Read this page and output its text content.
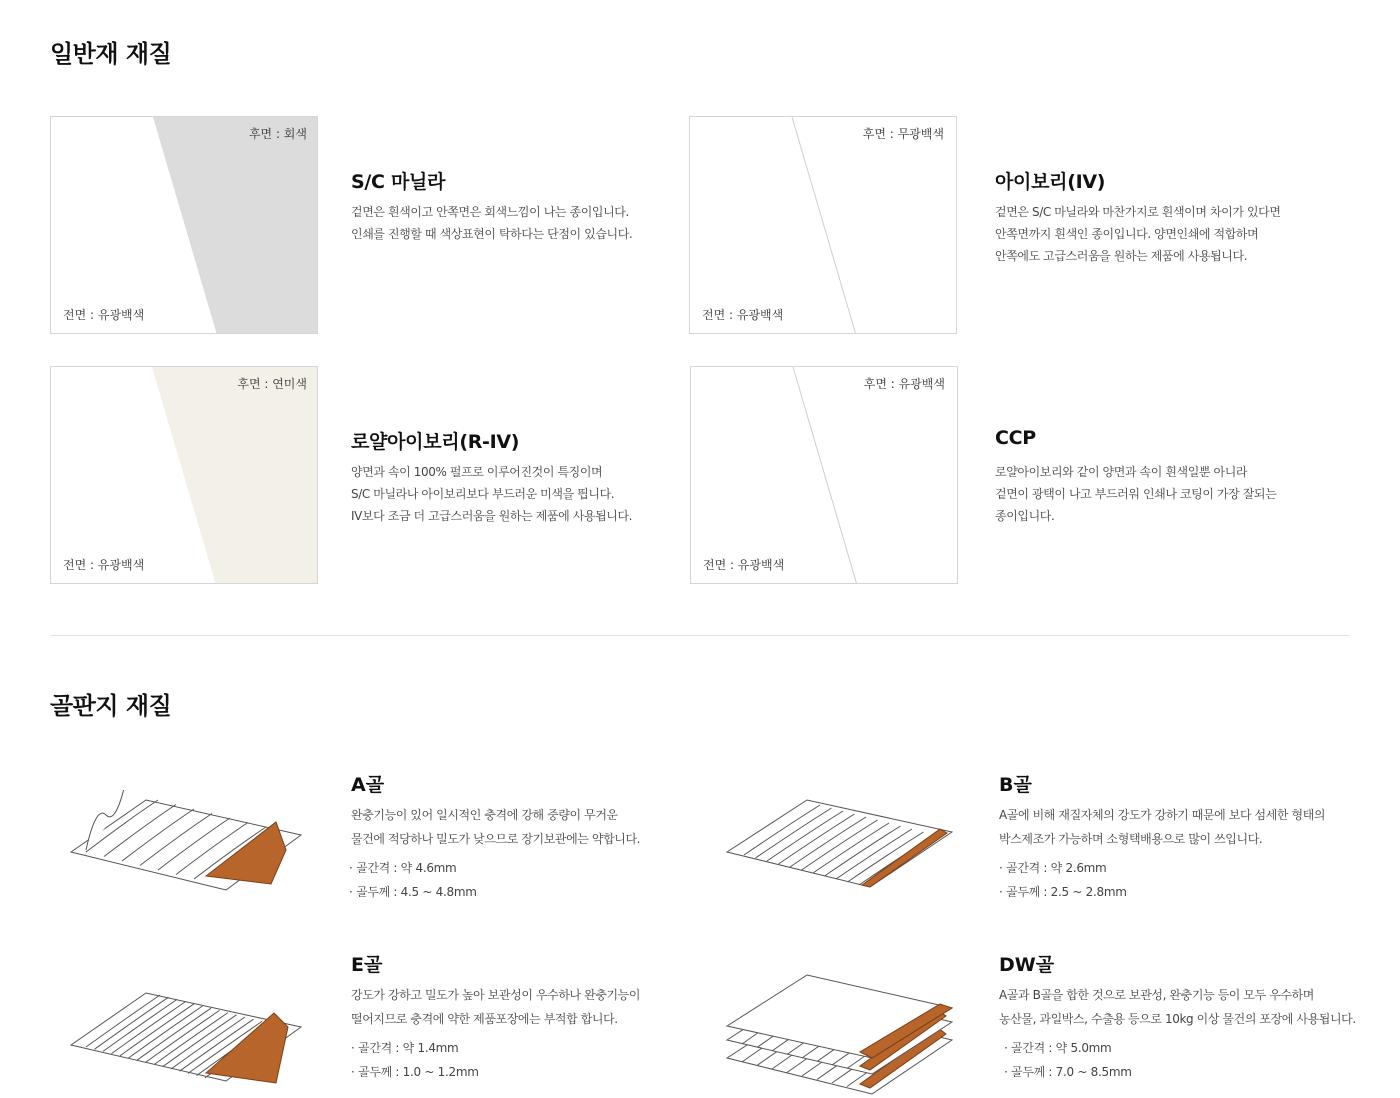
일반재 재질
후면 : 회색
전면 : 유광백색
S/C 마닐라
겉면은 흰색이고 안쪽면은 회색느낌이 나는 종이입니다.
인쇄를 진행할 때 색상표현이 탁하다는 단점이 있습니다.
후면 : 무광백색
전면 : 유광백색
아이보리(IV)
겉면은 S/C 마닐라와 마찬가지로 흰색이며 차이가 있다면
안쪽면까지 흰색인 종이입니다. 양면인쇄에 적합하며
안쪽에도 고급스러움을 원하는 제품에 사용됩니다.
후면 : 연미색
전면 : 유광백색
로얄아이보리(R-IV)
양면과 속이 100% 펄프로 이루어진것이 특징이며
S/C 마닐라나 아이보리보다 부드러운 미색을 띕니다.
IV보다 조금 더 고급스러움을 원하는 제품에 사용됩니다.
후면 : 유광백색
전면 : 유광백색
CCP
로얄아이보리와 같이 양면과 속이 흰색일뿐 아니라
겉면이 광택이 나고 부드러워 인쇄나 코팅이 가장 잘되는
종이입니다.
골판지 재질
A골
완충기능이 있어 일시적인 충격에 강해 중량이 무거운
물건에 적당하나 밀도가 낮으므로 장기보관에는 약합니다.
· 골간격 : 약 4.6mm
· 골두께 : 4.5 ~ 4.8mm
B골
A골에 비해 재질자체의 강도가 강하기 때문에 보다 섬세한 형태의
박스제조가 가능하며 소형택배용으로 많이 쓰입니다.
· 골간격 : 약 2.6mm
· 골두께 : 2.5 ~ 2.8mm
E골
강도가 강하고 밀도가 높아 보관성이 우수하나 완충기능이
떨어지므로 충격에 약한 제품포장에는 부적합 합니다.
· 골간격 : 약 1.4mm
· 골두께 : 1.0 ~ 1.2mm
DW골
A골과 B골을 합한 것으로 보관성, 완충기능 등이 모두 우수하며
농산물, 과일박스, 수출용 등으로 10kg 이상 물건의 포장에 사용됩니다.
· 골간격 : 약 5.0mm
· 골두께 : 7.0 ~ 8.5mm
